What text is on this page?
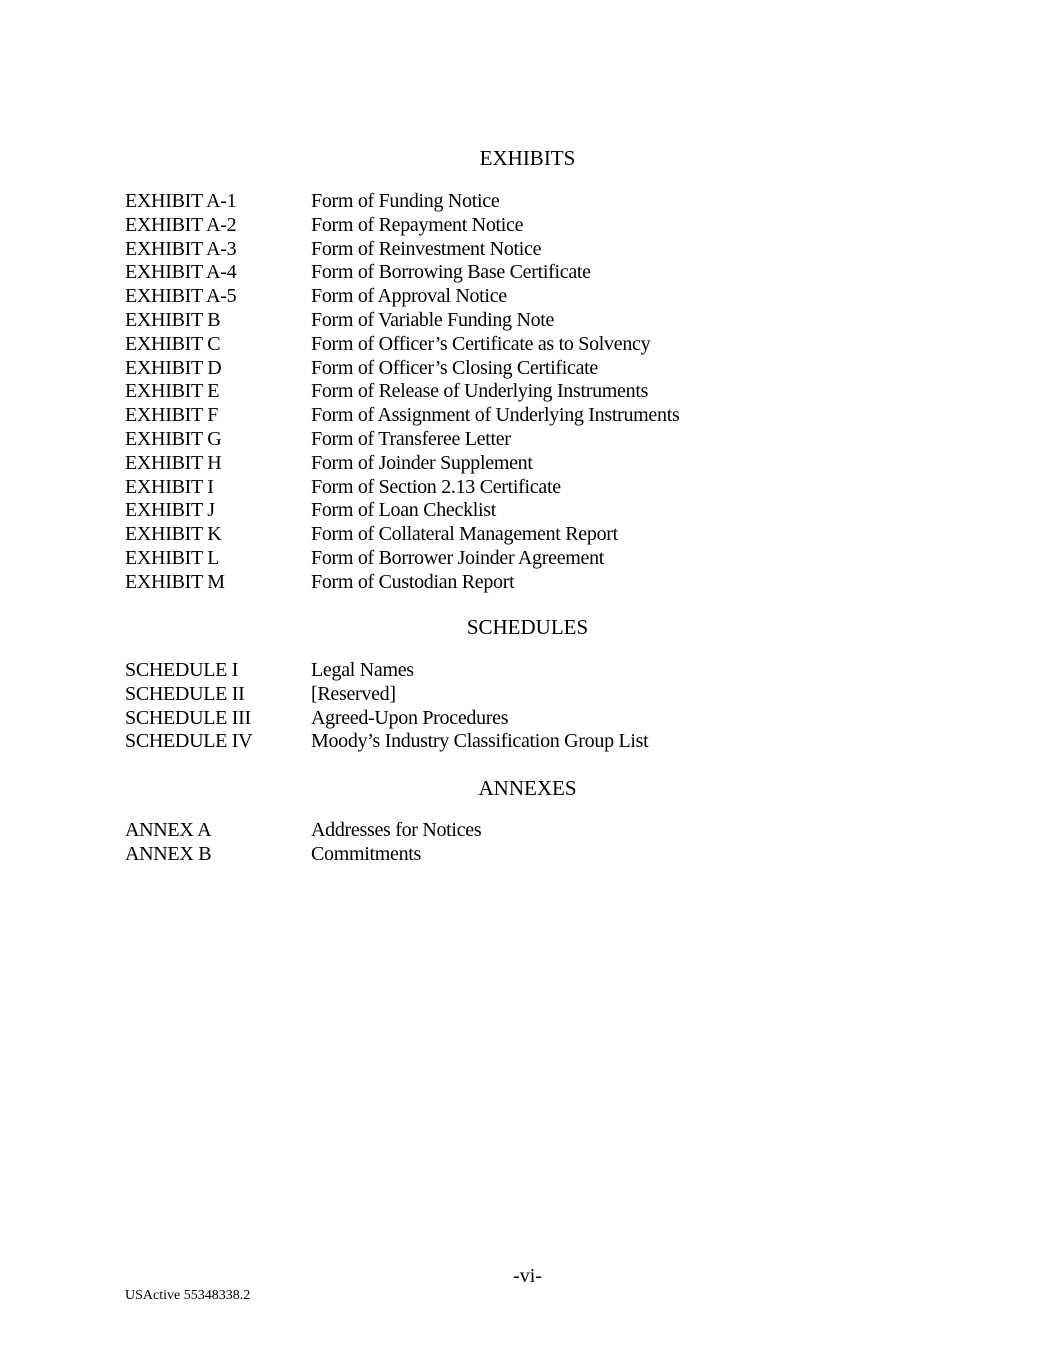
EXHIBITS
EXHIBIT A-1	Form of Funding Notice
EXHIBIT A-2	Form of Repayment Notice
EXHIBIT A-3	Form of Reinvestment Notice
EXHIBIT A-4	Form of Borrowing Base Certificate
EXHIBIT A-5	Form of Approval Notice
EXHIBIT B	Form of Variable Funding Note
EXHIBIT C	Form of Officer’s Certificate as to Solvency
EXHIBIT D	Form of Officer’s Closing Certificate
EXHIBIT E	Form of Release of Underlying Instruments
EXHIBIT F	Form of Assignment of Underlying Instruments
EXHIBIT G	Form of Transferee Letter
EXHIBIT H	Form of Joinder Supplement
EXHIBIT I	Form of Section 2.13 Certificate
EXHIBIT J	Form of Loan Checklist
EXHIBIT K	Form of Collateral Management Report
EXHIBIT L	Form of Borrower Joinder Agreement
EXHIBIT M	Form of Custodian Report
SCHEDULES
SCHEDULE I	Legal Names
SCHEDULE II	[Reserved]
SCHEDULE III	Agreed-Upon Procedures
SCHEDULE IV	Moody’s Industry Classification Group List
ANNEXES
ANNEX A	Addresses for Notices
ANNEX B	Commitments
-vi-
USActive 55348338.2
